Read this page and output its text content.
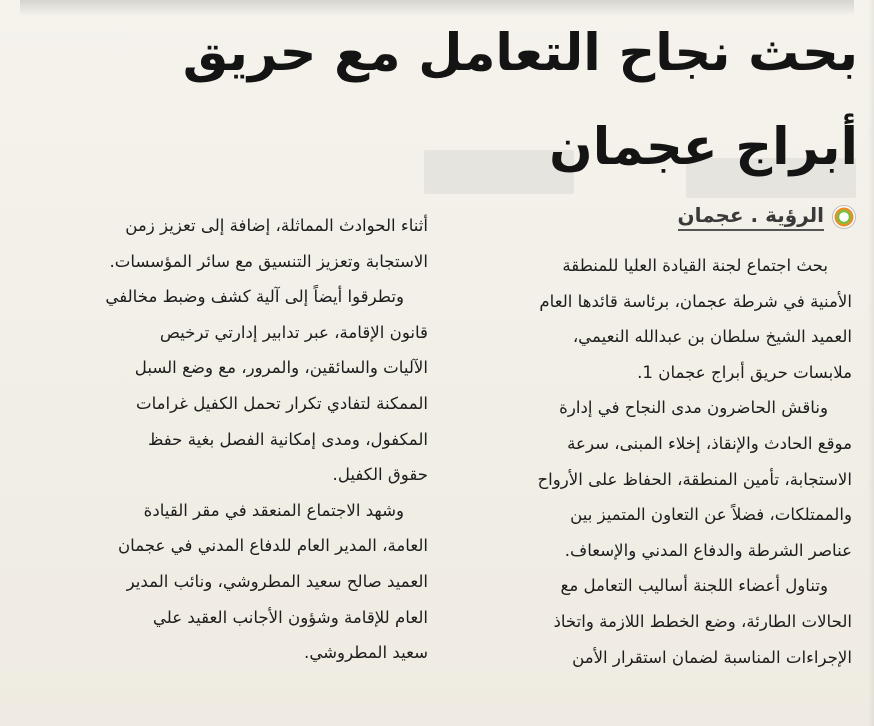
بحث نجاح التعامل مع حريق
أبراج عجمان
الرؤية . عجمان
بحث اجتماع لجنة القيادة العليا للمنطقة
الأمنية في شرطة عجمان، برئاسة قائدها العام
العميد الشيخ سلطان بن عبدالله النعيمي،
ملابسات حريق أبراج عجمان 1.
وناقش الحاضرون مدى النجاح في إدارة
موقع الحادث والإنقاذ، إخلاء المبنى، سرعة
الاستجابة، تأمين المنطقة، الحفاظ على الأرواح
والممتلكات، فضلاً عن التعاون المتميز بين
عناصر الشرطة والدفاع المدني والإسعاف.
وتناول أعضاء اللجنة أساليب التعامل مع
الحالات الطارئة، وضع الخطط اللازمة واتخاذ
الإجراءات المناسبة لضمان استقرار الأمن
أثناء الحوادث المماثلة، إضافة إلى تعزيز زمن
الاستجابة وتعزيز التنسيق مع سائر المؤسسات.
وتطرقوا أيضاً إلى آلية كشف وضبط مخالفي
قانون الإقامة، عبر تدابير إدارتي ترخيص
الآليات والسائقين، والمرور، مع وضع السبل
الممكنة لتفادي تكرار تحمل الكفيل غرامات
المكفول، ومدى إمكانية الفصل بغية حفظ
حقوق الكفيل.
وشهد الاجتماع المنعقد في مقر القيادة
العامة، المدير العام للدفاع المدني في عجمان
العميد صالح سعيد المطروشي، ونائب المدير
العام للإقامة وشؤون الأجانب العقيد علي
سعيد المطروشي.
